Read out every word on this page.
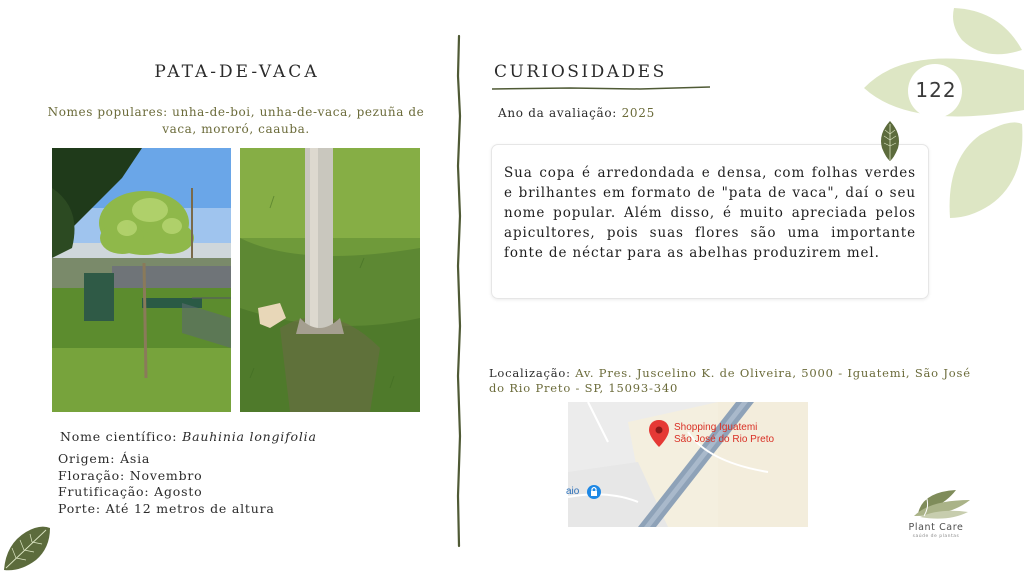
PATA-DE-VACA
Nomes populares: unha-de-boi, unha-de-vaca, pezuña de vaca, mororó, caauba.
Nome científico: Bauhinia longifolia
Origem: Ásia
Floração: Novembro
Frutificação: Agosto
Porte: Até 12 metros de altura
CURIOSIDADES
Ano da avaliação: 2025

Sua copa é arredondada e densa, com folhas verdes e brilhantes em formato de "pata de vaca", daí o seu nome popular. Além disso, é muito apreciada pelos apicultores, pois suas flores são uma importante fonte de néctar para as abelhas produzirem mel.

Localização: Av. Pres. Juscelino K. de Oliveira, 5000 - Iguatemi, São José do Rio Preto - SP, 15093-340
Shopping Iguatemi
São José do Rio Preto
aio
122
Plant Care
saúde de plantas
